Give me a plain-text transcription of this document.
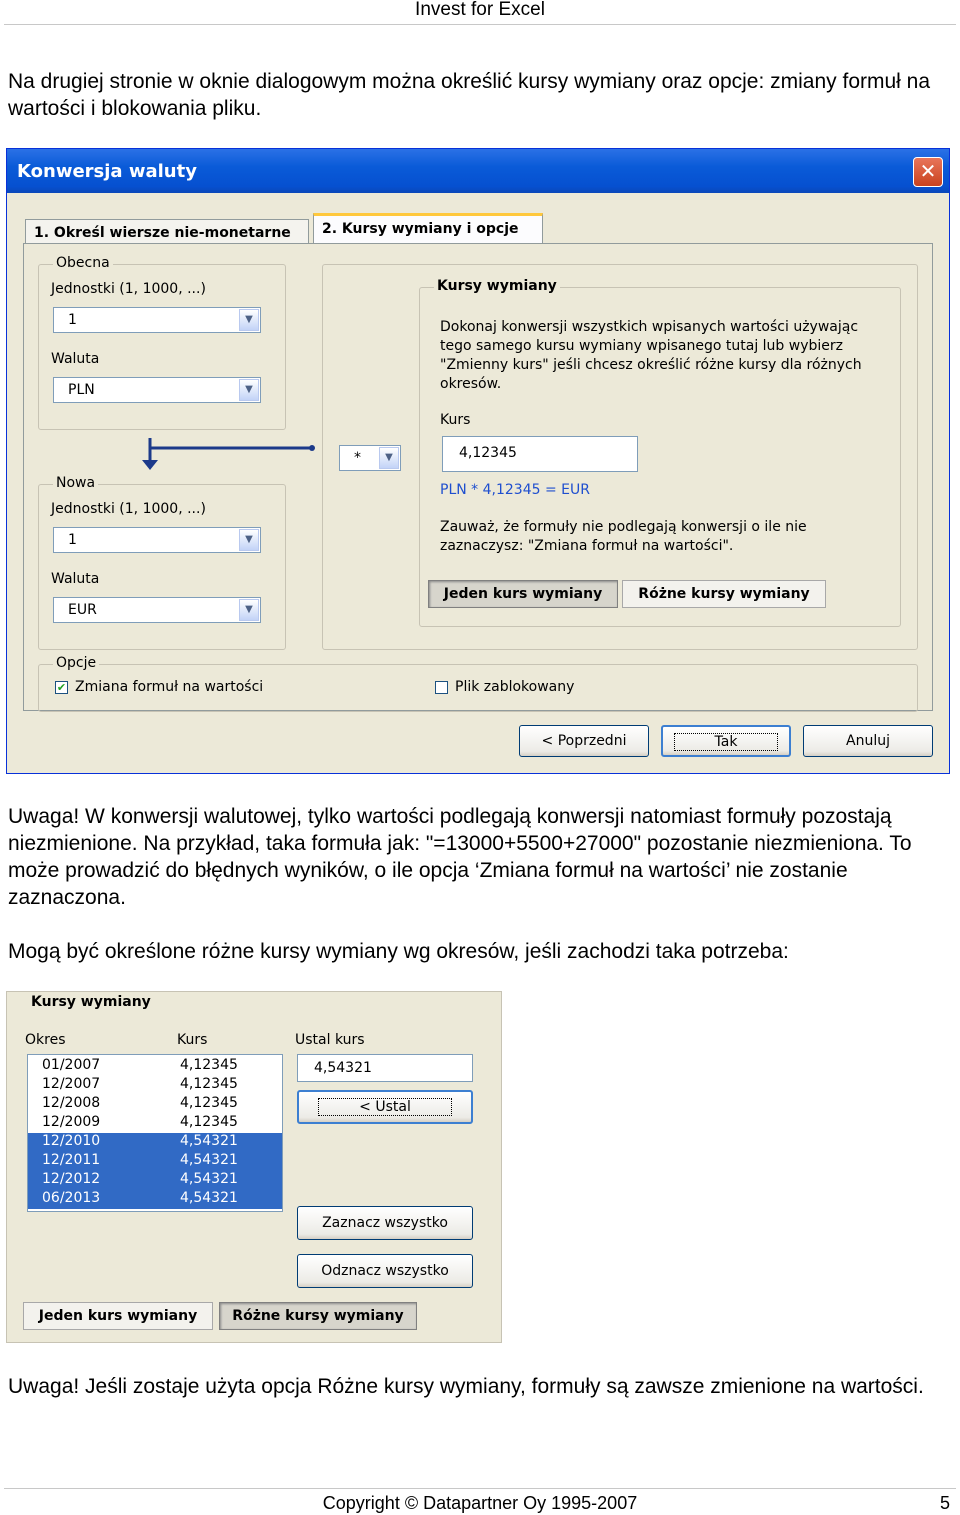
Invest for Excel
Na drugiej stronie w oknie dialogowym można określić kursy wymiany oraz opcje: zmiany formuł na wartości i blokowania pliku.
Konwersja waluty	✕
1. Określ wiersze nie-monetarne	2. Kursy wymiany i opcje
Obecna
Jednostki (1, 1000, ...)
1	▼
Waluta
PLN	▼
Nowa
Jednostki (1, 1000, ...)
1	▼
Waluta
EUR	▼
*	▼
Kursy wymiany
Dokonaj konwersji wszystkich wpisanych wartości używając tego samego kursu wymiany wpisanego tutaj lub wybierz "Zmienny kurs" jeśli chcesz określić różne kursy dla różnych okresów.
Kurs
4,12345
PLN * 4,12345 = EUR
Zauważ, że formuły nie podlegają konwersji o ile nie zaznaczysz: "Zmiana formuł na wartości".
Jeden kurs wymiany	Różne kursy wymiany
Opcje
✔ Zmiana formuł na wartości	Plik zablokowany
< Poprzedni	Tak	Anuluj
Uwaga! W konwersji walutowej, tylko wartości podlegają konwersji natomiast formuły pozostają niezmienione. Na przykład, taka formuła jak: "=13000+5500+27000" pozostanie niezmieniona. To może prowadzić do błędnych wyników, o ile opcja ‘Zmiana formuł na wartości’ nie zostanie zaznaczona.
Mogą być określone różne kursy wymiany wg okresów, jeśli zachodzi taka potrzeba:
Kursy wymiany
Okres	Kurs	Ustal kurs
01/2007	4,12345
12/2007	4,12345
12/2008	4,12345
12/2009	4,12345
12/2010	4,54321
12/2011	4,54321
12/2012	4,54321
06/2013	4,54321
4,54321
< Ustal
Zaznacz wszystko
Odznacz wszystko
Jeden kurs wymiany	Różne kursy wymiany
Uwaga! Jeśli zostaje użyta opcja Różne kursy wymiany, formuły są zawsze zmienione na wartości.
Copyright © Datapartner Oy 1995-2007	5
